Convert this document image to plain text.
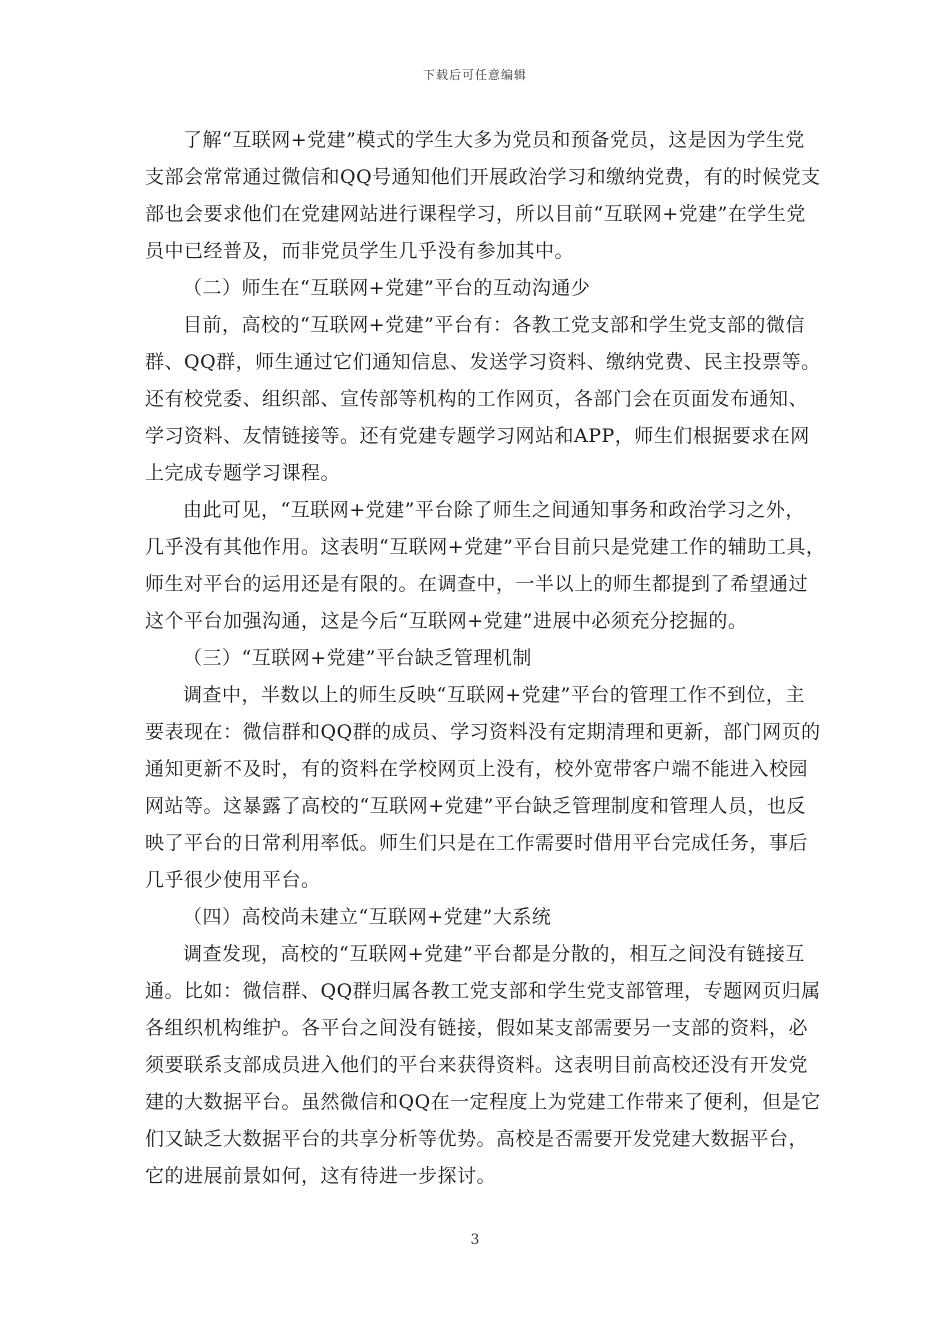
下载后可任意编辑
了解“互联网+党建”模式的学生大多为党员和预备党员，这是因为学生党
支部会常常通过微信和QQ号通知他们开展政治学习和缴纳党费，有的时候党支
部也会要求他们在党建网站进行课程学习，所以目前“互联网+党建”在学生党
员中已经普及，而非党员学生几乎没有参加其中。
（二）师生在“互联网+党建”平台的互动沟通少
目前，高校的“互联网+党建”平台有：各教工党支部和学生党支部的微信
群、QQ群，师生通过它们通知信息、发送学习资料、缴纳党费、民主投票等。
还有校党委、组织部、宣传部等机构的工作网页，各部门会在页面发布通知、
学习资料、友情链接等。还有党建专题学习网站和APP，师生们根据要求在网
上完成专题学习课程。
由此可见，“互联网+党建”平台除了师生之间通知事务和政治学习之外，
几乎没有其他作用。这表明“互联网+党建”平台目前只是党建工作的辅助工具，
师生对平台的运用还是有限的。在调查中，一半以上的师生都提到了希望通过
这个平台加强沟通，这是今后“互联网+党建”进展中必须充分挖掘的。
（三）“互联网+党建”平台缺乏管理机制
调查中，半数以上的师生反映“互联网+党建”平台的管理工作不到位，主
要表现在：微信群和QQ群的成员、学习资料没有定期清理和更新，部门网页的
通知更新不及时，有的资料在学校网页上没有，校外宽带客户端不能进入校园
网站等。这暴露了高校的“互联网+党建”平台缺乏管理制度和管理人员，也反
映了平台的日常利用率低。师生们只是在工作需要时借用平台完成任务，事后
几乎很少使用平台。
（四）高校尚未建立“互联网+党建”大系统
调查发现，高校的“互联网+党建”平台都是分散的，相互之间没有链接互
通。比如：微信群、QQ群归属各教工党支部和学生党支部管理，专题网页归属
各组织机构维护。各平台之间没有链接，假如某支部需要另一支部的资料，必
须要联系支部成员进入他们的平台来获得资料。这表明目前高校还没有开发党
建的大数据平台。虽然微信和QQ在一定程度上为党建工作带来了便利，但是它
们又缺乏大数据平台的共享分析等优势。高校是否需要开发党建大数据平台，
它的进展前景如何，这有待进一步探讨。
3
